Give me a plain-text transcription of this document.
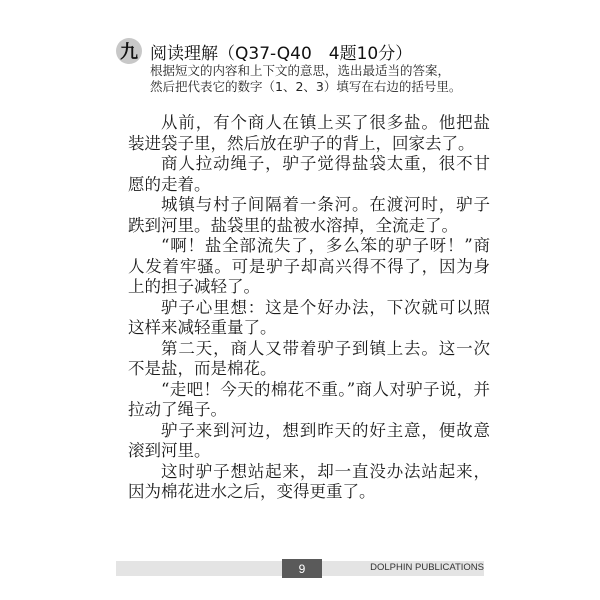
九 阅读理解（Q37-Q40　4题10分）
根据短文的内容和上下文的意思，选出最适当的答案，
然后把代表它的数字（1、2、3）填写在右边的括号里。

从前，有个商人在镇上买了很多盐。他把盐装进袋子里，然后放在驴子的背上，回家去了。

商人拉动绳子，驴子觉得盐袋太重，很不甘愿的走着。

城镇与村子间隔着一条河。在渡河时，驴子跌到河里。盐袋里的盐被水溶掉，全流走了。

“啊！盐全部流失了，多么笨的驴子呀！”商人发着牢骚。可是驴子却高兴得不得了，因为身上的担子减轻了。

驴子心里想：这是个好办法，下次就可以照这样来减轻重量了。

第二天，商人又带着驴子到镇上去。这一次不是盐，而是棉花。

“走吧！今天的棉花不重。”商人对驴子说，并拉动了绳子。

驴子来到河边，想到昨天的好主意，便故意滚到河里。

这时驴子想站起来，却一直没办法站起来，因为棉花进水之后，变得更重了。

9	DOLPHIN PUBLICATIONS
